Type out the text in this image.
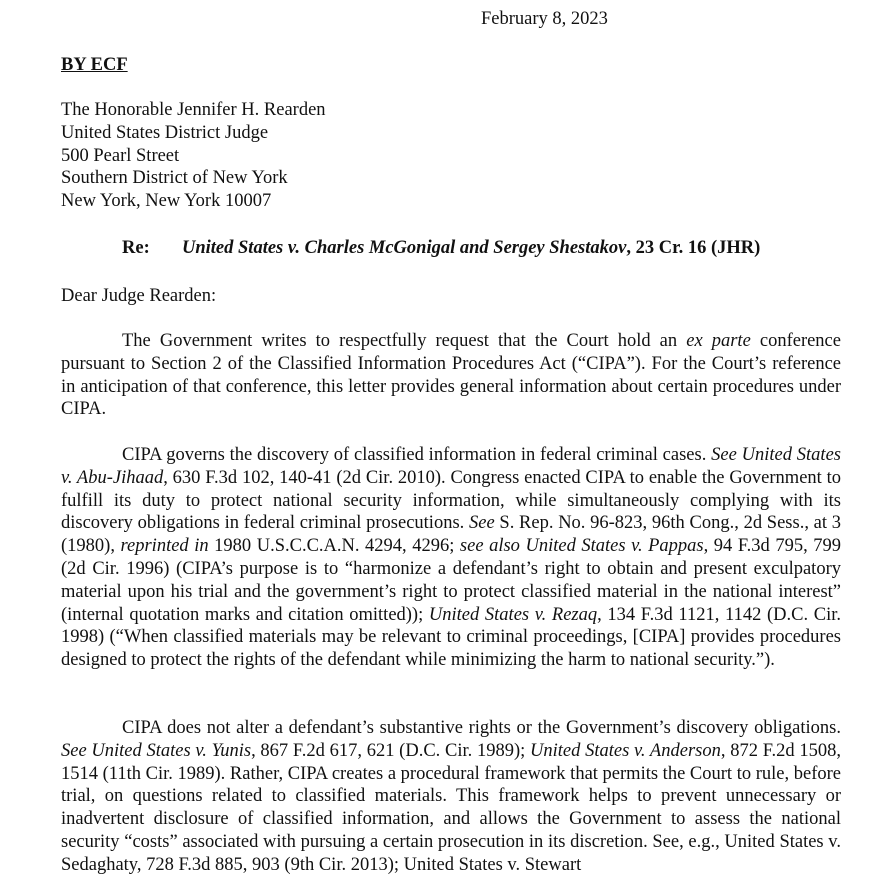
February 8, 2023
BY ECF
The Honorable Jennifer H. Rearden
United States District Judge
500 Pearl Street
Southern District of New York
New York, New York 10007
Re: United States v. Charles McGonigal and Sergey Shestakov, 23 Cr. 16 (JHR)
Dear Judge Rearden:
The Government writes to respectfully request that the Court hold an ex parte conference pursuant to Section 2 of the Classified Information Procedures Act (“CIPA”). For the Court’s reference in anticipation of that conference, this letter provides general information about certain procedures under CIPA.
CIPA governs the discovery of classified information in federal criminal cases. See United States v. Abu-Jihaad, 630 F.3d 102, 140-41 (2d Cir. 2010). Congress enacted CIPA to enable the Government to fulfill its duty to protect national security information, while simultaneously complying with its discovery obligations in federal criminal prosecutions. See S. Rep. No. 96-823, 96th Cong., 2d Sess., at 3 (1980), reprinted in 1980 U.S.C.C.A.N. 4294, 4296; see also United States v. Pappas, 94 F.3d 795, 799 (2d Cir. 1996) (CIPA’s purpose is to “harmonize a defendant’s right to obtain and present exculpatory material upon his trial and the government’s right to protect classified material in the national interest” (internal quotation marks and citation omitted)); United States v. Rezaq, 134 F.3d 1121, 1142 (D.C. Cir. 1998) (“When classified materials may be relevant to criminal proceedings, [CIPA] provides procedures designed to protect the rights of the defendant while minimizing the harm to national security.”).
CIPA does not alter a defendant’s substantive rights or the Government’s discovery obligations. See United States v. Yunis, 867 F.2d 617, 621 (D.C. Cir. 1989); United States v. Anderson, 872 F.2d 1508, 1514 (11th Cir. 1989). Rather, CIPA creates a procedural framework that permits the Court to rule, before trial, on questions related to classified materials. This framework helps to prevent unnecessary or inadvertent disclosure of classified information, and allows the Government to assess the national security “costs” associated with pursuing a certain prosecution in its discretion. See, e.g., United States v. Sedaghaty, 728 F.3d 885, 903 (9th Cir. 2013); United States v. Stewart
